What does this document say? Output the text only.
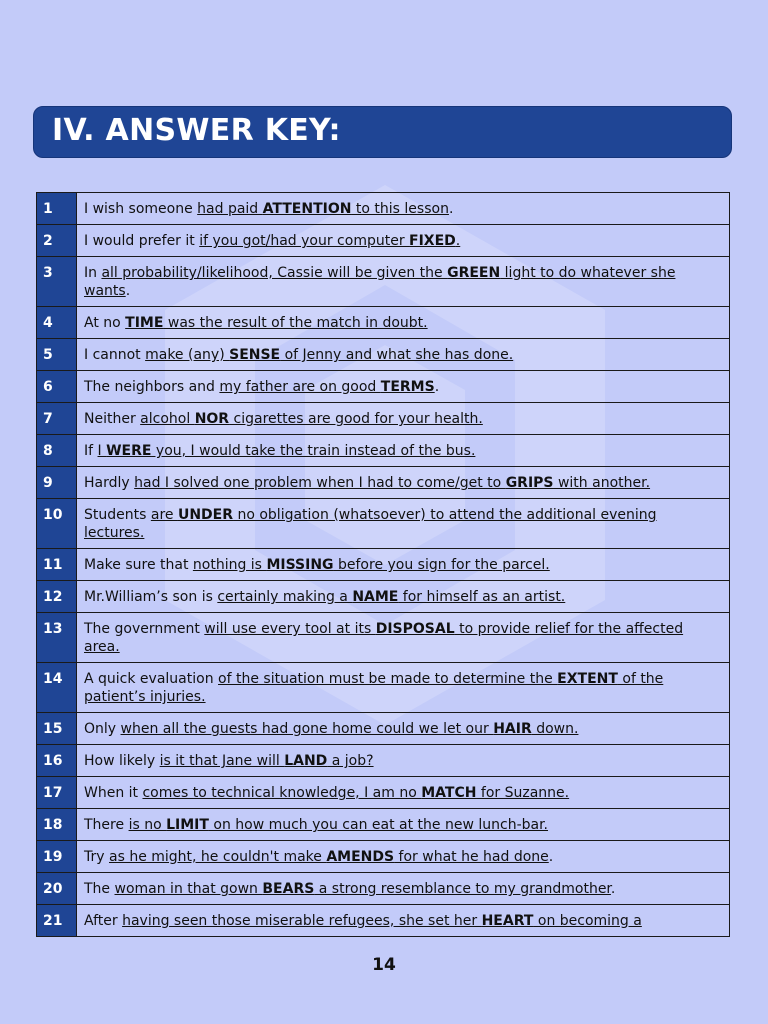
IV. ANSWER KEY:
1	I wish someone had paid ATTENTION to this lesson.
2	I would prefer it if you got/had your computer FIXED.
3	In all probability/likelihood, Cassie will be given the GREEN light to do whatever she wants.
4	At no TIME was the result of the match in doubt.
5	I cannot make (any) SENSE of Jenny and what she has done.
6	The neighbors and my father are on good TERMS.
7	Neither alcohol NOR cigarettes are good for your health.
8	If I WERE you, I would take the train instead of the bus.
9	Hardly had I solved one problem when I had to come/get to GRIPS with another.
10	Students are UNDER no obligation (whatsoever) to attend the additional evening lectures.
11	Make sure that nothing is MISSING before you sign for the parcel.
12	Mr.William’s son is certainly making a NAME for himself as an artist.
13	The government will use every tool at its DISPOSAL to provide relief for the affected area.
14	A quick evaluation of the situation must be made to determine the EXTENT of the patient’s injuries.
15	Only when all the guests had gone home could we let our HAIR down.
16	How likely is it that Jane will LAND a job?
17	When it comes to technical knowledge, I am no MATCH for Suzanne.
18	There is no LIMIT on how much you can eat at the new lunch-bar.
19	Try as he might, he couldn't make AMENDS for what he had done.
20	The woman in that gown BEARS a strong resemblance to my grandmother.
21	After having seen those miserable refugees, she set her HEART on becoming a
14
